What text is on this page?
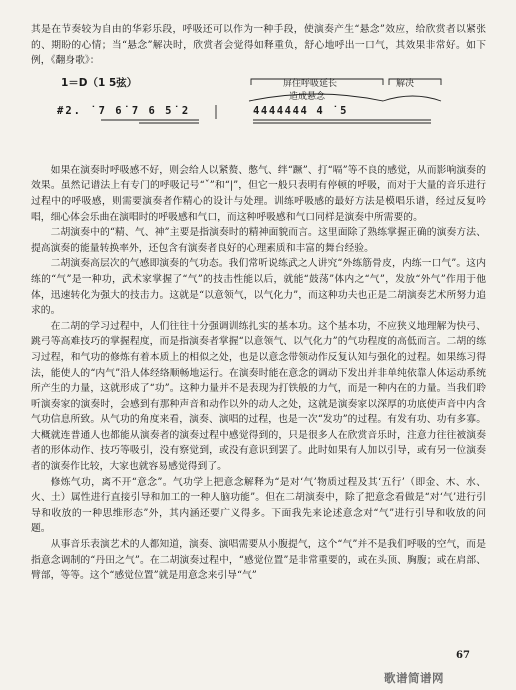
其是在节奏较为自由的华彩乐段，呼吸还可以作为一种手段，使演奏产生“悬念”效应，给欣赏者以紧张的、期盼的心情；当“悬念”解决时，欣赏者会觉得如释重负，舒心地呼出一口气，其效果非常好。如下例，《翻身歌》：

1＝D（1 5弦）	屏住呼吸延长
造成悬念
解决
#2. ˙7 6˙7 6 5˙2	4444444 4 ˙5

如果在演奏时呼吸感不好，则会给人以紧赘、憋气、绊“蹶”、打“嗝”等不良的感觉，从而影响演奏的效果。虽然记谱法上有专门的呼吸记号“ˇ”和“|”，但它一般只表明有停顿的呼吸，而对于大量的音乐进行过程中的呼吸感，则需要演奏者作精心的设计与处理。训练呼吸感的最好方法是模唱乐谱，经过反复吟唱，细心体会乐曲在演唱时的呼吸感和气口，而这种呼吸感和气口同样是演奏中所需要的。

二胡演奏中的“精、气、神”主要是指演奏时的精神面貌而言。这里面除了熟练掌握正确的演奏方法、提高演奏的能量转换率外，还包含有演奏者良好的心理素质和丰富的舞台经验。

二胡演奏高层次的气感即演奏的气功态。我们常听说练武之人讲究“外练筋骨皮，内练一口气”。这内练的“气”是一种功，武术家掌握了“气”的技击性能以后，就能“鼓荡”体内之“气”，发放“外气”作用于他体，迅速转化为强大的技击力。这就是“以意领气，以气化力”，而这种功夫也正是二胡演奏艺术所努力追求的。

在二胡的学习过程中，人们往往十分强调训练扎实的基本功。这个基本功，不应狭义地理解为快弓、跳弓等高难技巧的掌握程度，而是指演奏者掌握“以意领气、以气化力”的气功程度的高低而言。二胡的练习过程，和气功的修炼有着本质上的相似之处，也是以意念带领动作反复认知与强化的过程。如果练习得法，能使人的“内气”沿人体经络顺畅地运行。在演奏时能在意念的调动下发出并非单纯依靠人体运动系统所产生的力量，这就形成了“功”。这种力量并不是表现为打铁般的力气，而是一种内在的力量。当我们聆听演奏家的演奏时，会感到有那种声音和动作以外的动人之处，这就是演奏家以深厚的功底使声音中内含气功信息所致。从气功的角度来看，演奏、演唱的过程，也是一次“发功”的过程。有发有功、功有多寡。大概就连普通人也都能从演奏者的演奏过程中感觉得到的，只是很多人在欣赏音乐时，注意力往往被演奏者的形体动作、技巧等吸引，没有察觉到，或没有意识到罢了。此时如果有人加以引导，或有另一位演奏者的演奏作比较，大家也就容易感觉得到了。

修炼气功，离不开“意念”。气功学上把意念解释为“是对‘气’物质过程及其‘五行’（即金、木、水、火、土）属性进行直接引导和加工的一种人脑功能”。但在二胡演奏中，除了把意念看做是“对‘气’进行引导和收放的一种思维形态”外，其内涵还要广义得多。下面我先来论述意念对“气”进行引导和收放的问题。

从事音乐表演艺术的人都知道，演奏、演唱需要从小腹提气，这个“气”并不是我们呼吸的空气，而是指意念调制的“丹田之气”。在二胡演奏过程中，“感觉位置”是非常重要的，或在头顶、胸腹；或在肩部、臂部，等等。这个“感觉位置”就是用意念来引导“气”

67
歌谱简谱网
